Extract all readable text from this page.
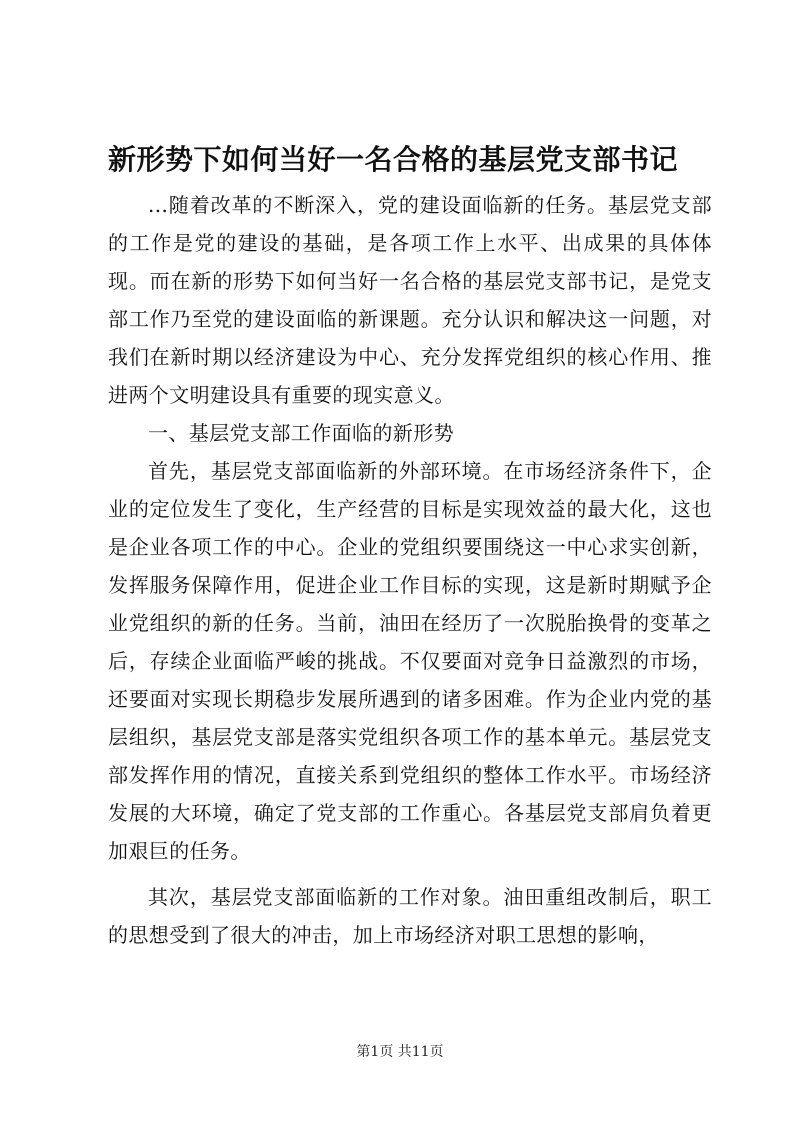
新形势下如何当好一名合格的基层党支部书记

...随着改革的不断深入，党的建设面临新的任务。基层党支部的工作是党的建设的基础，是各项工作上水平、出成果的具体体现。而在新的形势下如何当好一名合格的基层党支部书记，是党支部工作乃至党的建设面临的新课题。充分认识和解决这一问题，对我们在新时期以经济建设为中心、充分发挥党组织的核心作用、推进两个文明建设具有重要的现实意义。

一、基层党支部工作面临的新形势

首先，基层党支部面临新的外部环境。在市场经济条件下，企业的定位发生了变化，生产经营的目标是实现效益的最大化，这也是企业各项工作的中心。企业的党组织要围绕这一中心求实创新，发挥服务保障作用，促进企业工作目标的实现，这是新时期赋予企业党组织的新的任务。当前，油田在经历了一次脱胎换骨的变革之后，存续企业面临严峻的挑战。不仅要面对竞争日益激烈的市场，还要面对实现长期稳步发展所遇到的诸多困难。作为企业内党的基层组织，基层党支部是落实党组织各项工作的基本单元。基层党支部发挥作用的情况，直接关系到党组织的整体工作水平。市场经济发展的大环境，确定了党支部的工作重心。各基层党支部肩负着更加艰巨的任务。

其次，基层党支部面临新的工作对象。油田重组改制后，职工的思想受到了很大的冲击，加上市场经济对职工思想的影响，

第1页 共11页
